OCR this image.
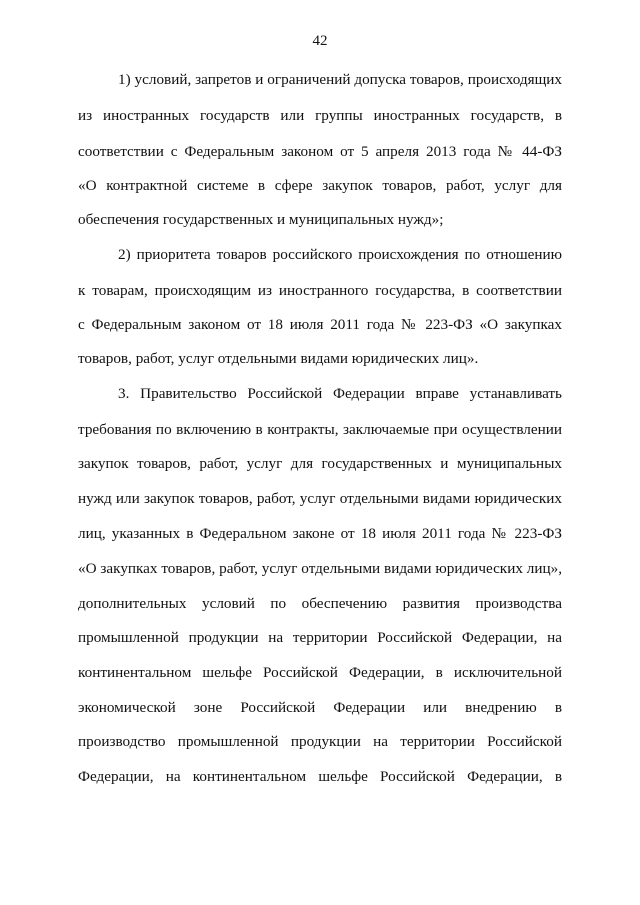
42
1) условий, запретов и ограничений допуска товаров, происходящих
из иностранных государств или группы иностранных государств, в
соответствии с Федеральным законом от 5 апреля 2013 года № 44-ФЗ
«О контрактной системе в сфере закупок товаров, работ, услуг для
обеспечения государственных и муниципальных нужд»;
2) приоритета товаров российского происхождения по отношению
к товарам, происходящим из иностранного государства, в соответствии
с Федеральным законом от 18 июля 2011 года № 223-ФЗ «О закупках
товаров, работ, услуг отдельными видами юридических лиц».
3. Правительство Российской Федерации вправе устанавливать
требования по включению в контракты, заключаемые при осуществлении
закупок товаров, работ, услуг для государственных и муниципальных
нужд или закупок товаров, работ, услуг отдельными видами юридических
лиц, указанных в Федеральном законе от 18 июля 2011 года № 223-ФЗ
«О закупках товаров, работ, услуг отдельными видами юридических лиц»,
дополнительных условий по обеспечению развития производства
промышленной продукции на территории Российской Федерации, на
континентальном шельфе Российской Федерации, в исключительной
экономической зоне Российской Федерации или внедрению в
производство промышленной продукции на территории Российской
Федерации, на континентальном шельфе Российской Федерации, в
